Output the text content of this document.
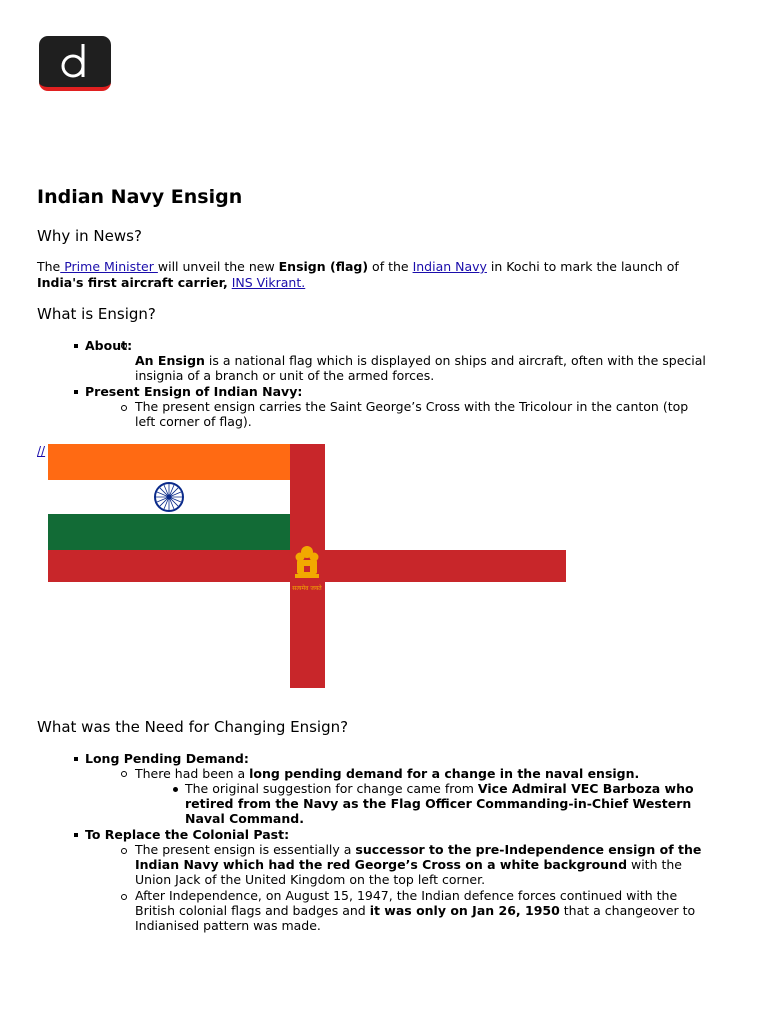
Indian Navy Ensign
Why in News?

The Prime Minister will unveil the new Ensign (flag) of the Indian Navy in Kochi to mark the launch of
India's first aircraft carrier, INS Vikrant.

What is Ensign?
About:
An Ensign is a national flag which is displayed on ships and aircraft, often with the special
insignia of a branch or unit of the armed forces.
Present Ensign of Indian Navy:
The present ensign carries the Saint George’s Cross with the Tricolour in the canton (top
left corner of flag).
What was the Need for Changing Ensign?
Long Pending Demand:
There had been a long pending demand for a change in the naval ensign.
The original suggestion for change came from Vice Admiral VEC Barboza who
retired from the Navy as the Flag Officer Commanding-in-Chief Western
Naval Command.
To Replace the Colonial Past:
The present ensign is essentially a successor to the pre-Independence ensign of the
Indian Navy which had the red George’s Cross on a white background with the
Union Jack of the United Kingdom on the top left corner.
After Independence, on August 15, 1947, the Indian defence forces continued with the
British colonial flags and badges and it was only on Jan 26, 1950 that a changeover to
Indianised pattern was made.
//
सत्यमेव जयते
